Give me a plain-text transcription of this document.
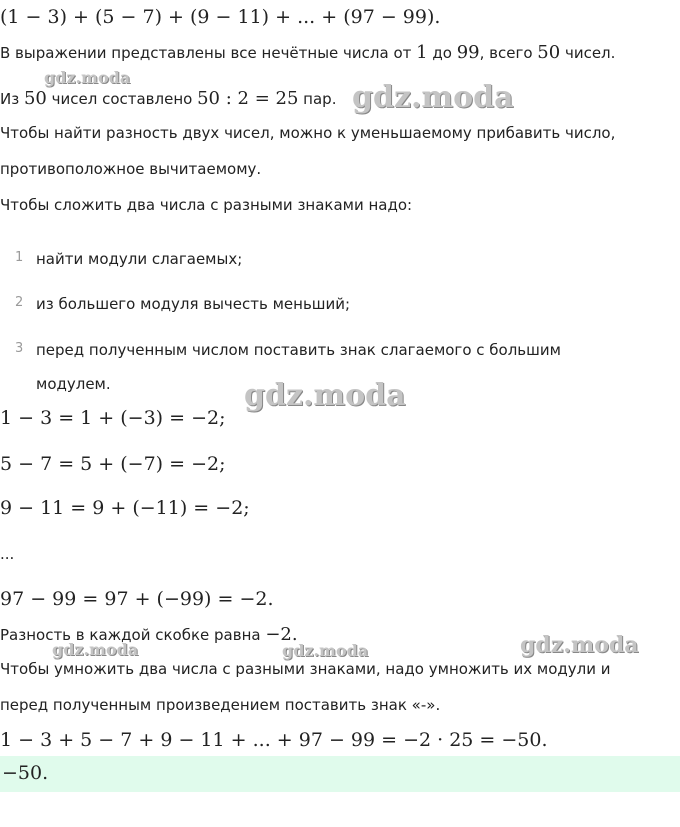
(1 − 3) + (5 − 7) + (9 − 11) + ... + (97 − 99).
В выражении представлены все нечётные числа от 1 до 99, всего 50 чисел.
Из 50 чисел составлено 50 : 2 = 25 пар.
Чтобы найти разность двух чисел, можно к уменьшаемому прибавить число,
противоположное вычитаемому.
Чтобы сложить два числа с разными знаками надо:
1 найти модули слагаемых;
2 из большего модуля вычесть меньший;
3 перед полученным числом поставить знак слагаемого с большим
модулем.
1 − 3 = 1 + (−3) = −2;
5 − 7 = 5 + (−7) = −2;
9 − 11 = 9 + (−11) = −2;
...
97 − 99 = 97 + (−99) = −2.
Разность в каждой скобке равна −2.
Чтобы умножить два числа с разными знаками, надо умножить их модули и
перед полученным произведением поставить знак «-».
1 − 3 + 5 − 7 + 9 − 11 + ... + 97 − 99 = −2 · 25 = −50.
−50.
gdz.moda
gdz.moda
gdz.moda
gdz.moda	gdz.moda	gdz.moda
